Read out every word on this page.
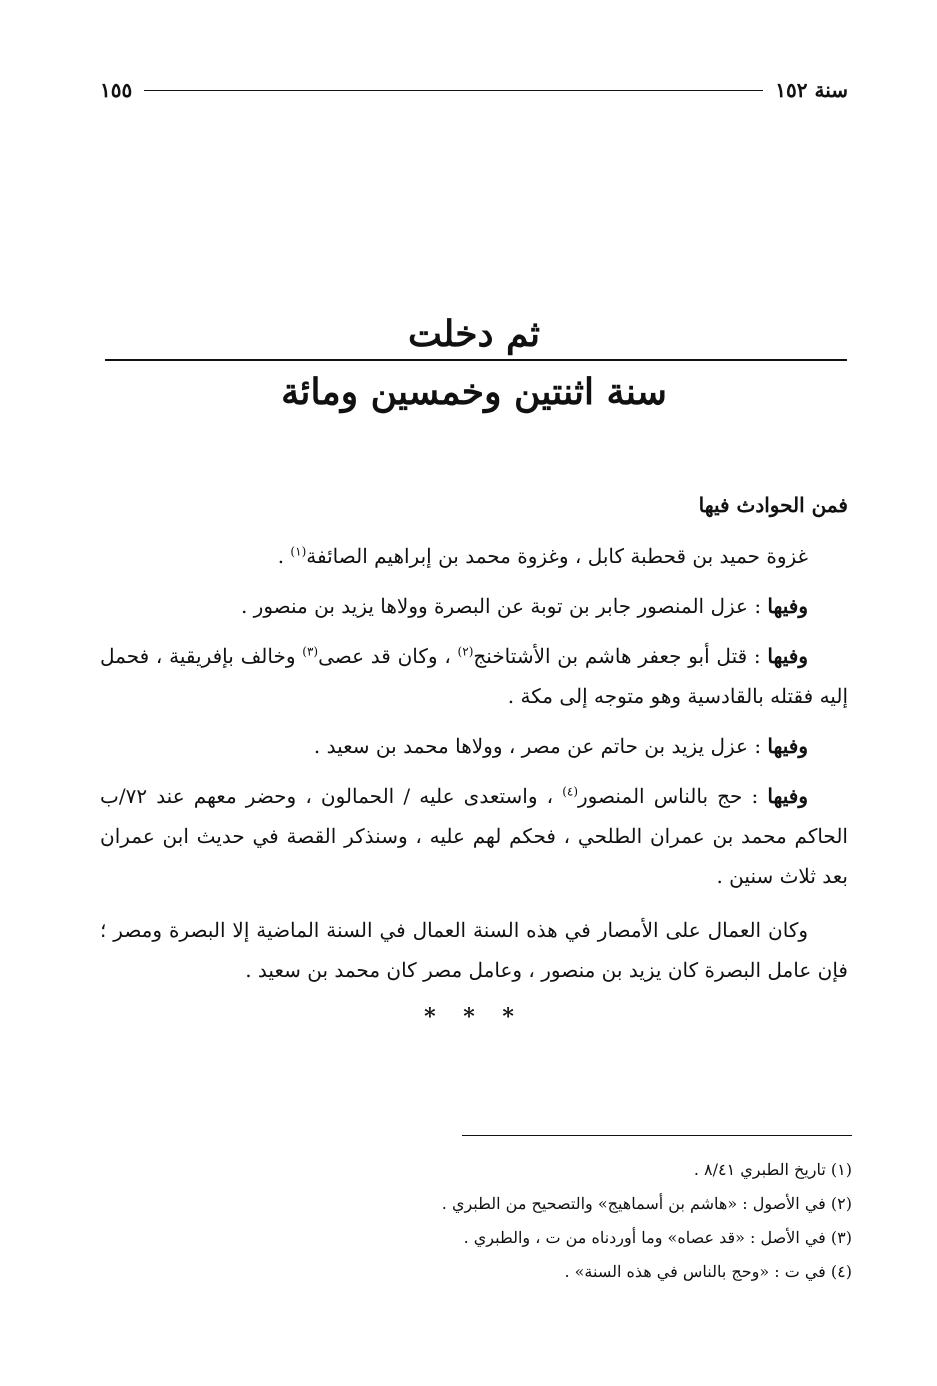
سنة ١٥٢
١٥٥
ثم دخلت
سنة اثنتين وخمسين ومائة
فمن الحوادث فيها

غزوة حميد بن قحطبة كابل ، وغزوة محمد بن إبراهيم الصائفة$^{(١)}$ .

وفيها : عزل المنصور جابر بن توبة عن البصرة وولاها يزيد بن منصور .

وفيها : قتل أبو جعفر هاشم بن الأشتاخنج$^{(٢)}$ ، وكان قد عصى$^{(٣)}$ وخالف بإفريقية ، فحمل إليه فقتله بالقادسية وهو متوجه إلى مكة .

وفيها : عزل يزيد بن حاتم عن مصر ، وولاها محمد بن سعيد .

وفيها : حج بالناس المنصور$^{(٤)}$ ، واستعدى عليه / الحمالون ، وحضر معهم عند ٧٢/ب الحاكم محمد بن عمران الطلحي ، فحكم لهم عليه ، وسنذكر القصة في حديث ابن عمران بعد ثلاث سنين .

وكان العمال على الأمصار في هذه السنة العمال في السنة الماضية إلا البصرة ومصر ؛ فإن عامل البصرة كان يزيد بن منصور ، وعامل مصر كان محمد بن سعيد .

* * *
(١) تاريخ الطبري ٨/٤١ .
(٢) في الأصول : «هاشم بن أسماهيج» والتصحيح من الطبري .
(٣) في الأصل : «قد عصاه» وما أوردناه من ت ، والطبري .
(٤) في ت : «وحج بالناس في هذه السنة» .
